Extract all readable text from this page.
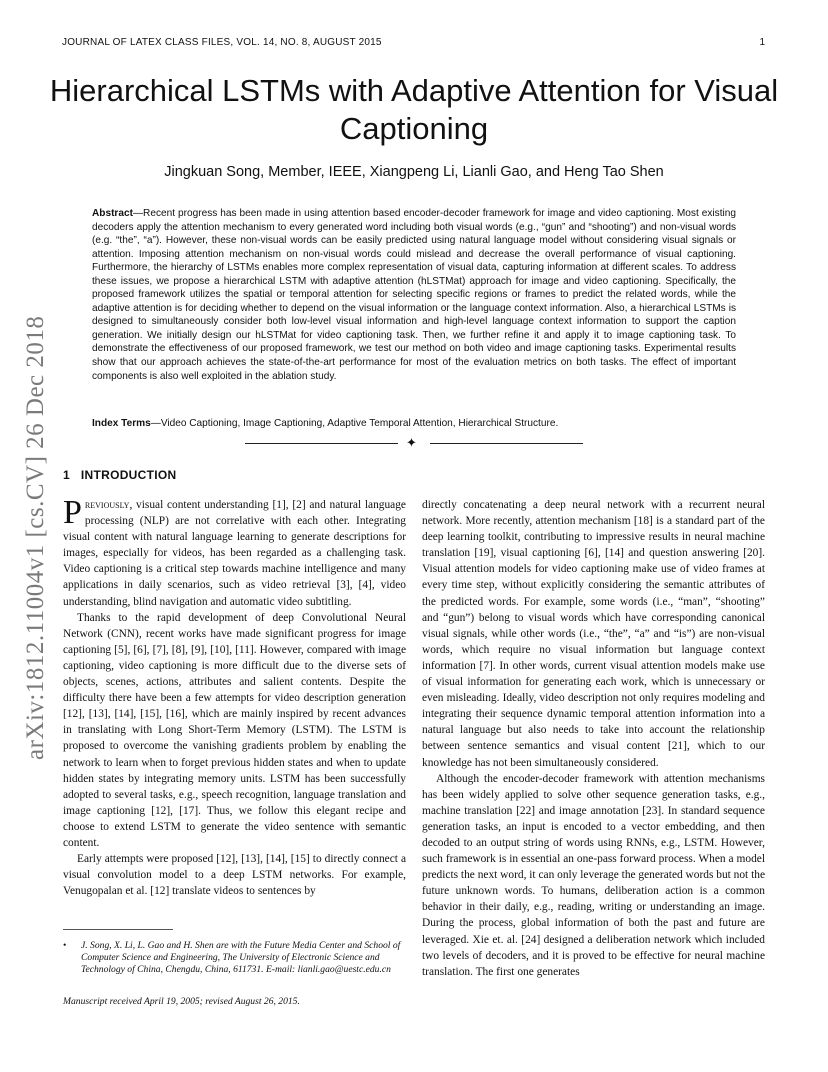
JOURNAL OF LATEX CLASS FILES, VOL. 14, NO. 8, AUGUST 2015	1
Hierarchical LSTMs with Adaptive Attention for Visual Captioning
Jingkuan Song, Member, IEEE, Xiangpeng Li, Lianli Gao, and Heng Tao Shen
Abstract—Recent progress has been made in using attention based encoder-decoder framework for image and video captioning. Most existing decoders apply the attention mechanism to every generated word including both visual words (e.g., “gun” and “shooting”) and non-visual words (e.g. “the”, “a”). However, these non-visual words can be easily predicted using natural language model without considering visual signals or attention. Imposing attention mechanism on non-visual words could mislead and decrease the overall performance of visual captioning. Furthermore, the hierarchy of LSTMs enables more complex representation of visual data, capturing information at different scales. To address these issues, we propose a hierarchical LSTM with adaptive attention (hLSTMat) approach for image and video captioning. Specifically, the proposed framework utilizes the spatial or temporal attention for selecting specific regions or frames to predict the related words, while the adaptive attention is for deciding whether to depend on the visual information or the language context information. Also, a hierarchical LSTMs is designed to simultaneously consider both low-level visual information and high-level language context information to support the caption generation. We initially design our hLSTMat for video captioning task. Then, we further refine it and apply it to image captioning task. To demonstrate the effectiveness of our proposed framework, we test our method on both video and image captioning tasks. Experimental results show that our approach achieves the state-of-the-art performance for most of the evaluation metrics on both tasks. The effect of important components is also well exploited in the ablation study.
Index Terms—Video Captioning, Image Captioning, Adaptive Temporal Attention, Hierarchical Structure.
✦
1 INTRODUCTION

Previously, visual content understanding [1], [2] and natural language processing (NLP) are not correlative with each other. Integrating visual content with natural language learning to generate descriptions for images, especially for videos, has been regarded as a challenging task. Video captioning is a critical step towards machine intelligence and many applications in daily scenarios, such as video retrieval [3], [4], video understanding, blind navigation and automatic video subtitling.

Thanks to the rapid development of deep Convolutional Neural Network (CNN), recent works have made significant progress for image captioning [5], [6], [7], [8], [9], [10], [11]. However, compared with image captioning, video captioning is more difficult due to the diverse sets of objects, scenes, actions, attributes and salient contents. Despite the difficulty there have been a few attempts for video description generation [12], [13], [14], [15], [16], which are mainly inspired by recent advances in translating with Long Short-Term Memory (LSTM). The LSTM is proposed to overcome the vanishing gradients problem by enabling the network to learn when to forget previous hidden states and when to update hidden states by integrating memory units. LSTM has been successfully adopted to several tasks, e.g., speech recognition, language translation and image captioning [12], [17]. Thus, we follow this elegant recipe and choose to extend LSTM to generate the video sentence with semantic content.

Early attempts were proposed [12], [13], [14], [15] to directly connect a visual convolution model to a deep LSTM networks. For example, Venugopalan et al. [12] translate videos to sentences by

directly concatenating a deep neural network with a recurrent neural network. More recently, attention mechanism [18] is a standard part of the deep learning toolkit, contributing to impressive results in neural machine translation [19], visual captioning [6], [14] and question answering [20]. Visual attention models for video captioning make use of video frames at every time step, without explicitly considering the semantic attributes of the predicted words. For example, some words (i.e., “man”, “shooting” and “gun”) belong to visual words which have corresponding canonical visual signals, while other words (i.e., “the”, “a” and “is”) are non-visual words, which require no visual information but language context information [7]. In other words, current visual attention models make use of visual information for generating each work, which is unnecessary or even misleading. Ideally, video description not only requires modeling and integrating their sequence dynamic temporal attention information into a natural language but also needs to take into account the relationship between sentence semantics and visual content [21], which to our knowledge has not been simultaneously considered.

Although the encoder-decoder framework with attention mechanisms has been widely applied to solve other sequence generation tasks, e.g., machine translation [22] and image annotation [23]. In standard sequence generation tasks, an input is encoded to a vector embedding, and then decoded to an output string of words using RNNs, e.g., LSTM. However, such framework is in essential an one-pass forward process. When a model predicts the next word, it can only leverage the generated words but not the future unknown words. To humans, deliberation action is a common behavior in their daily, e.g., reading, writing or understanding an image. During the process, global information of both the past and future are leveraged. Xie et. al. [24] designed a deliberation network which included two levels of decoders, and it is proved to be effective for neural machine translation. The first one generates

•	J. Song, X. Li, L. Gao and H. Shen are with the Future Media Center and School of Computer Science and Engineering, The University of Electronic Science and Technology of China, Chengdu, China, 611731. E-mail: lianli.gao@uestc.edu.cn
Manuscript received April 19, 2005; revised August 26, 2015.
arXiv:1812.11004v1 [cs.CV] 26 Dec 2018
